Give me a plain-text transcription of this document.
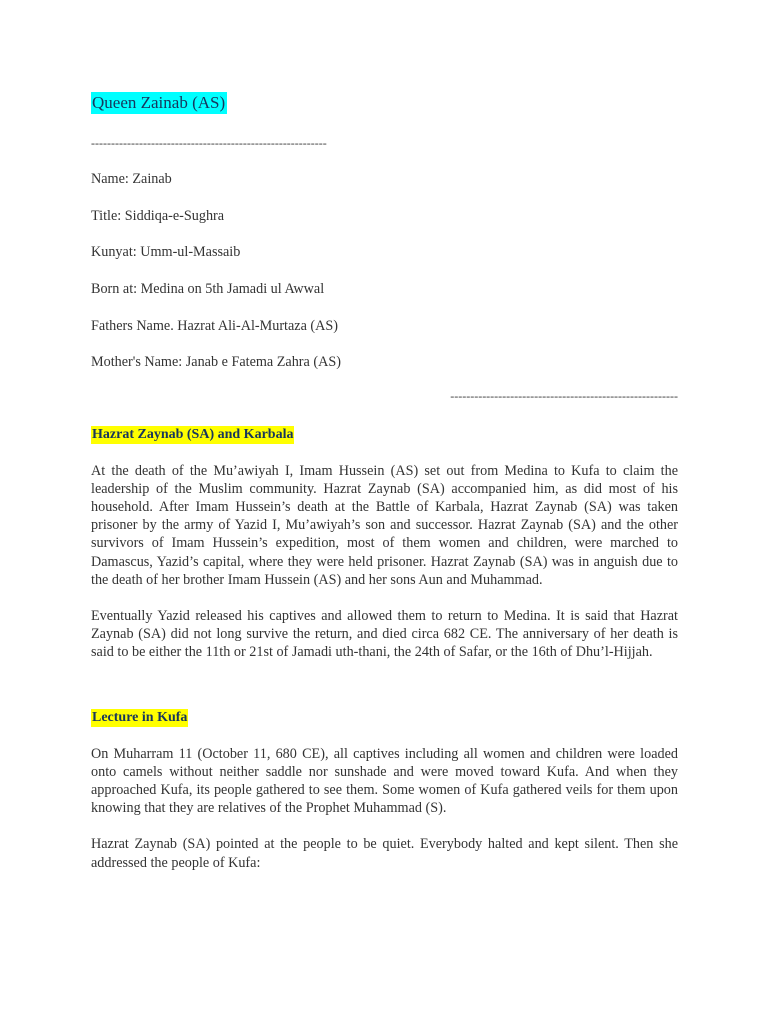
Queen Zainab (AS)
-----------------------------------------------------------

Name: Zainab

Title: Siddiqa-e-Sughra

Kunyat: Umm-ul-Massaib

Born at: Medina on 5th Jamadi ul Awwal

Fathers Name. Hazrat Ali-Al-Murtaza (AS)

Mother's Name: Janab e Fatema Zahra (AS)

---------------------------------------------------------
Hazrat Zaynab (SA) and Karbala

At the death of the Mu’awiyah I, Imam Hussein (AS) set out from Medina to Kufa to claim the leadership of the Muslim community. Hazrat Zaynab (SA) accompanied him, as did most of his household. After Imam Hussein’s death at the Battle of Karbala, Hazrat Zaynab (SA) was taken prisoner by the army of Yazid I, Mu’awiyah’s son and successor. Hazrat Zaynab (SA) and the other survivors of Imam Hussein’s expedition, most of them women and children, were marched to Damascus, Yazid’s capital, where they were held prisoner. Hazrat Zaynab (SA) was in anguish due to the death of her brother Imam Hussein (AS) and her sons Aun and Muhammad.

Eventually Yazid released his captives and allowed them to return to Medina. It is said that Hazrat Zaynab (SA) did not long survive the return, and died circa 682 CE. The anniversary of her death is said to be either the 11th or 21st of Jamadi uth-thani, the 24th of Safar, or the 16th of Dhu’l-Hijjah.

Lecture in Kufa

On Muharram 11 (October 11, 680 CE), all captives including all women and children were loaded onto camels without neither saddle nor sunshade and were moved toward Kufa. And when they approached Kufa, its people gathered to see them. Some women of Kufa gathered veils for them upon knowing that they are relatives of the Prophet Muhammad (S).

Hazrat Zaynab (SA) pointed at the people to be quiet. Everybody halted and kept silent. Then she addressed the people of Kufa:
